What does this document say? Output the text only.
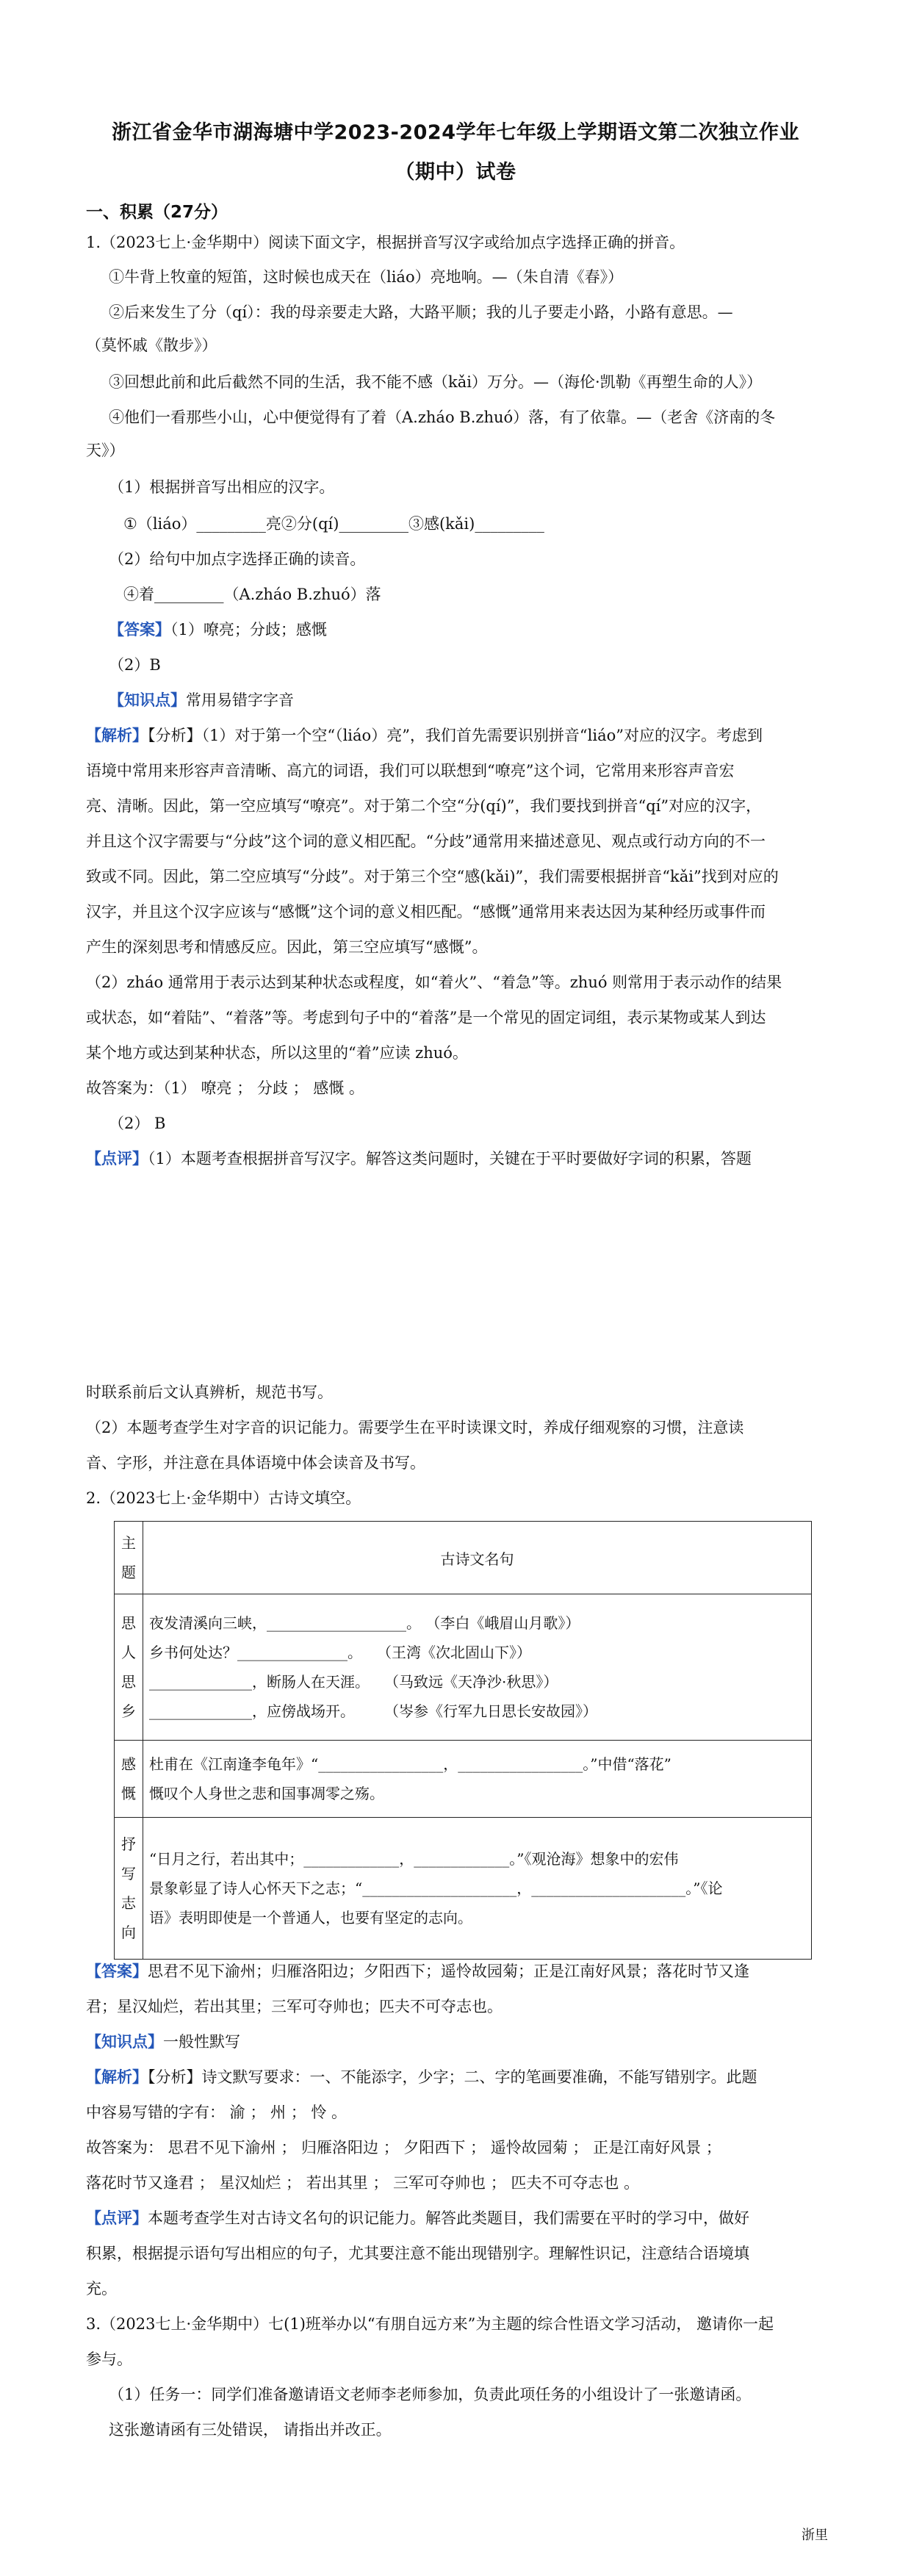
浙江省金华市湖海塘中学2023-2024学年七年级上学期语文第二次独立作业
（期中）试卷
一、积累（27分）
1.（2023七上·金华期中）阅读下面文字，根据拼音写汉字或给加点字选择正确的拼音。
①牛背上牧童的短笛，这时候也成天在（liáo）亮地响。—（朱自清《春》）
②后来发生了分（qí）：我的母亲要走大路，大路平顺；我的儿子要走小路，小路有意思。—
（莫怀戚《散步》）
③回想此前和此后截然不同的生活，我不能不感（kǎi）万分。—（海伦·凯勒《再塑生命的人》）
④他们一看那些小山，心中便觉得有了着（A.zháo B.zhuó）落，有了依靠。—（老舍《济南的冬
天》）
（1）根据拼音写出相应的汉字。
①（liáo）_________亮②分(qí)_________③感(kǎi)_________
（2）给句中加点字选择正确的读音。
④着_________（A.zháo B.zhuó）落
【答案】（1）嘹亮；分歧；感慨
（2）B
【知识点】常用易错字字音
【解析】【分析】（1）对于第一个空“（liáo）亮”，我们首先需要识别拼音“liáo”对应的汉字。考虑到
语境中常用来形容声音清晰、高亢的词语，我们可以联想到“嘹亮”这个词，它常用来形容声音宏
亮、清晰。因此，第一空应填写“嘹亮”。对于第二个空“分(qí)”，我们要找到拼音“qí”对应的汉字，
并且这个汉字需要与“分歧”这个词的意义相匹配。“分歧”通常用来描述意见、观点或行动方向的不一
致或不同。因此，第二空应填写“分歧”。对于第三个空“感(kǎi)”，我们需要根据拼音“kǎi”找到对应的
汉字，并且这个汉字应该与“感慨”这个词的意义相匹配。“感慨”通常用来表达因为某种经历或事件而
产生的深刻思考和情感反应。因此，第三空应填写“感慨”。
（2）zháo 通常用于表示达到某种状态或程度，如“着火”、“着急”等。zhuó 则常用于表示动作的结果
或状态，如“着陆”、“着落”等。考虑到句子中的“着落”是一个常见的固定词组，表示某物或某人到达
某个地方或达到某种状态，所以这里的“着”应读 zhuó。
故答案为：（1） 嘹亮 ； 分歧 ； 感慨 。
（2） B
【点评】（1）本题考查根据拼音写汉字。解答这类问题时，关键在于平时要做好字词的积累，答题
时联系前后文认真辨析，规范书写。
（2）本题考查学生对字音的识记能力。需要学生在平时读课文时，养成仔细观察的习惯，注意读
音、字形，并注意在具体语境中体会读音及书写。
2.（2023七上·金华期中）古诗文填空。
主题	古诗文名句
思人思乡	夜发清溪向三峡，___________________。 （李白《峨眉山月歌》）
乡书何处达？_______________。　　（王湾《次北固山下》）
______________，断肠人在天涯。　　（马致远《天净沙·秋思》）
______________，应傍战场开。　　　（岑参《行军九日思长安故园》）

感慨	杜甫在《江南逢李龟年》“_________________，_________________。”中借“落花”
慨叹个人身世之悲和国事凋零之殇。

抒写志向	“日月之行，若出其中；_____________，_____________。”《观沧海》想象中的宏伟
景象彰显了诗人心怀天下之志；“_____________________，_____________________。”《论
语》表明即使是一个普通人，也要有坚定的志向。
【答案】思君不见下渝州；归雁洛阳边；夕阳西下；遥怜故园菊；正是江南好风景；落花时节又逢
君；星汉灿烂，若出其里；三军可夺帅也；匹夫不可夺志也。
【知识点】一般性默写
【解析】【分析】诗文默写要求：一、不能添字，少字；二、字的笔画要准确，不能写错别字。此题
中容易写错的字有： 渝 ； 州 ； 怜 。
故答案为： 思君不见下渝州 ； 归雁洛阳边 ； 夕阳西下 ； 遥怜故园菊 ； 正是江南好风景 ；
落花时节又逢君 ； 星汉灿烂 ； 若出其里 ； 三军可夺帅也 ； 匹夫不可夺志也 。
【点评】本题考查学生对古诗文名句的识记能力。解答此类题目，我们需要在平时的学习中，做好
积累，根据提示语句写出相应的句子，尤其要注意不能出现错别字。理解性识记，注意结合语境填
充。
3.（2023七上·金华期中）七(1)班举办以“有朋自远方来”为主题的综合性语文学习活动， 邀请你一起
参与。
（1）任务一：同学们准备邀请语文老师李老师参加，负责此项任务的小组设计了一张邀请函。
这张邀请函有三处错误， 请指出并改正。
浙里
